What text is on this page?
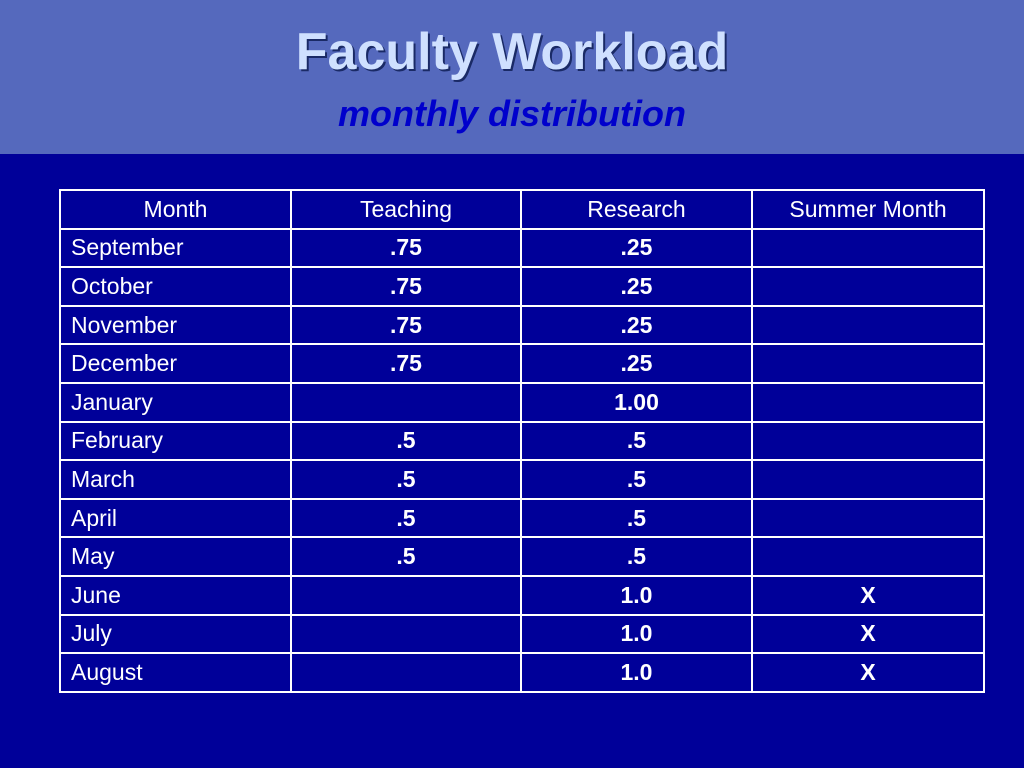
Faculty Workload
monthly distribution
Month	Teaching	Research	Summer Month
September	.75	.25	
October	.75	.25	
November	.75	.25	
December	.75	.25	
January		1.00	
February	.5	.5	
March	.5	.5	
April	.5	.5	
May	.5	.5	
June		1.0	X
July		1.0	X
August		1.0	X
